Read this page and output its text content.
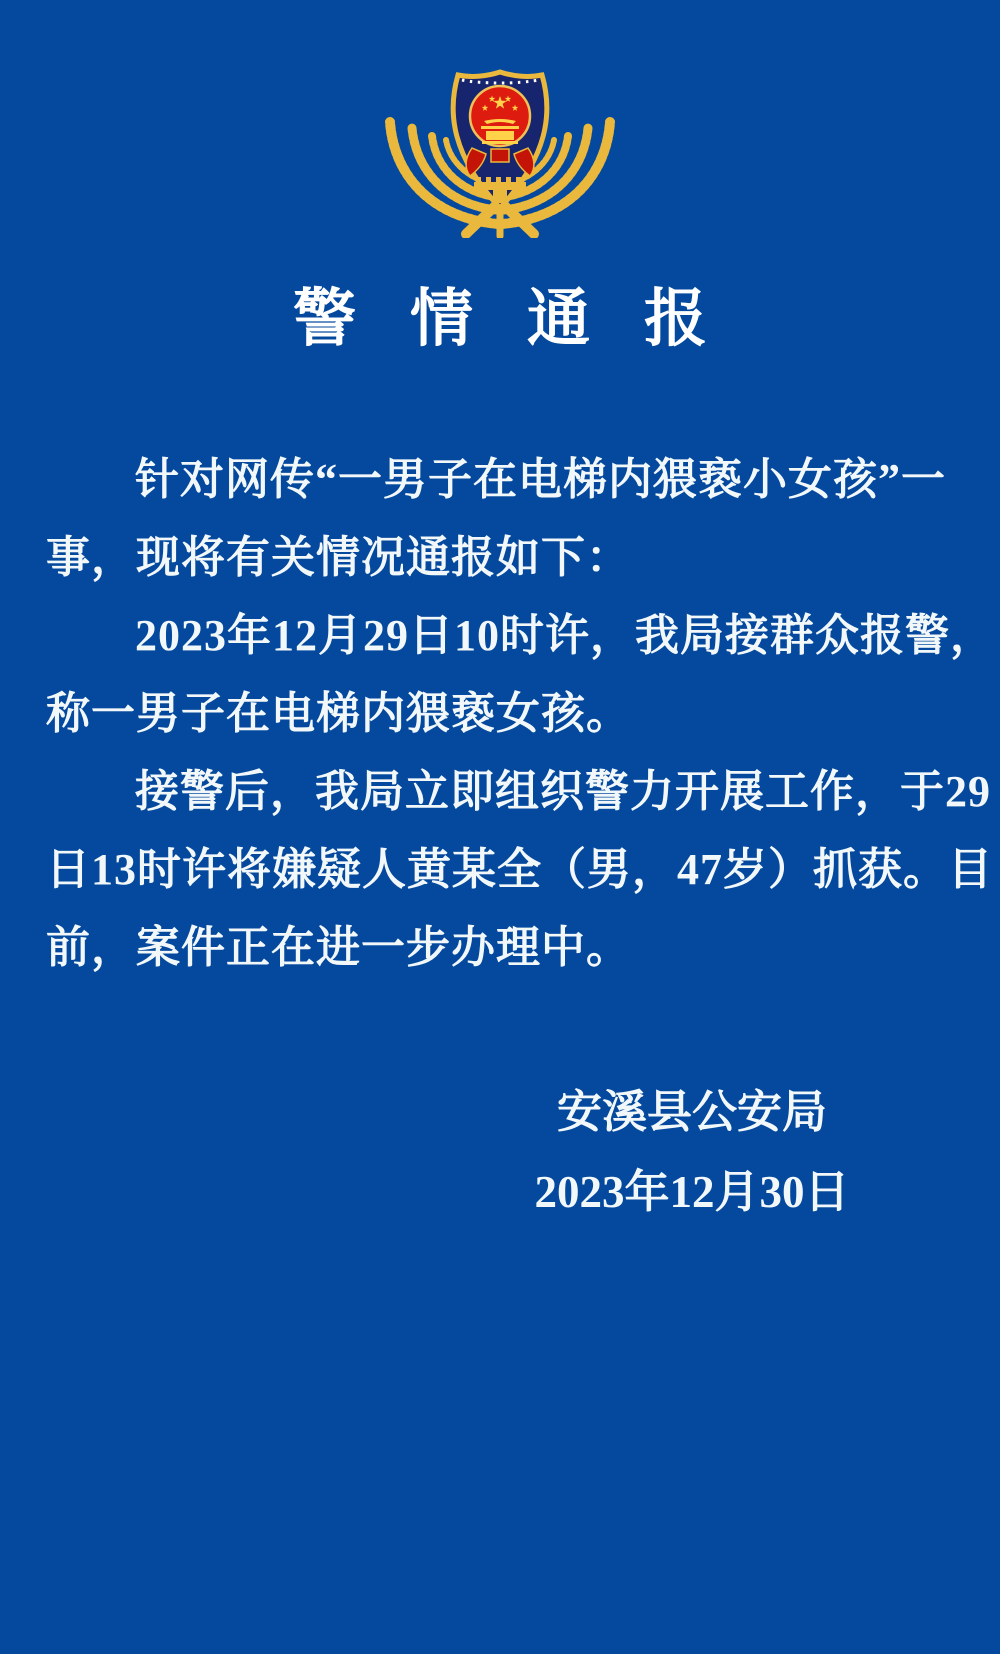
警情通报
针对网传“一男子在电梯内猥亵小女孩”一
事，现将有关情况通报如下：
2023年12月29日10时许，我局接群众报警，
称一男子在电梯内猥亵女孩。
接警后，我局立即组织警力开展工作，于29
日13时许将嫌疑人黄某全（男，47岁）抓获。目
前，案件正在进一步办理中。
安溪县公安局
2023年12月30日
